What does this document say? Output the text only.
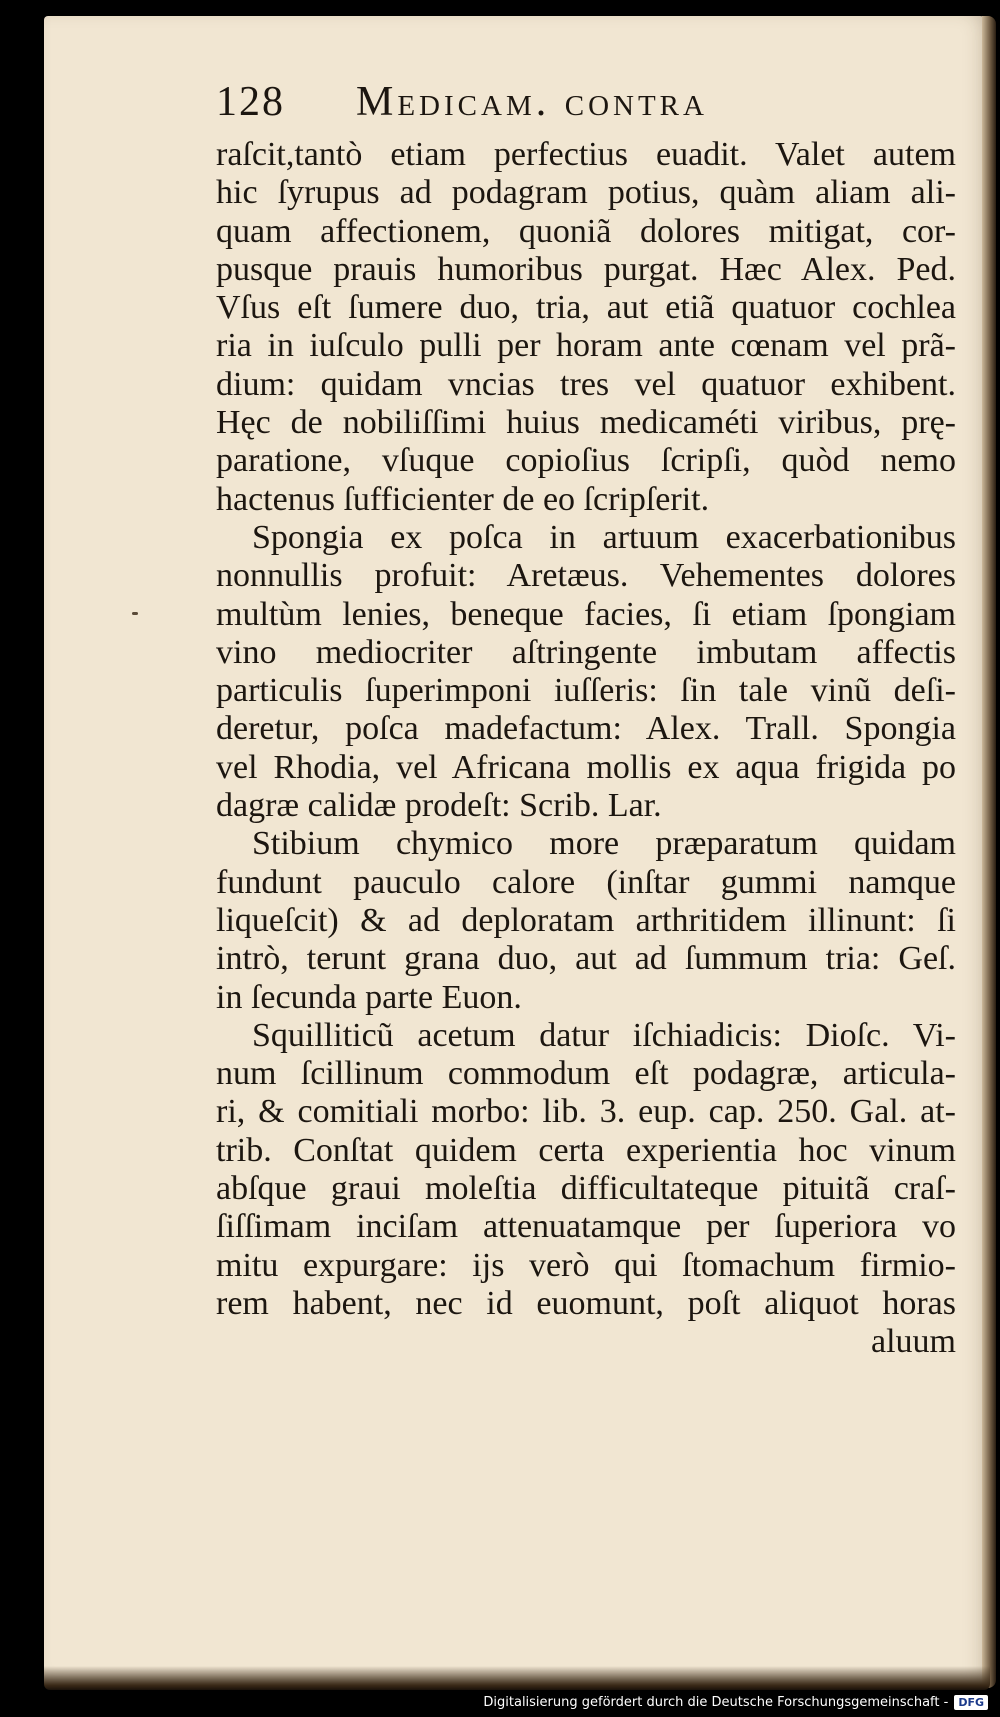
128 Medicam. contra
raſcit,tantò etiam perfectius euadit. Valet autem
hic ſyrupus ad podagram potius, quàm aliam ali-
quam affectionem, quoniã dolores mitigat, cor-
pusque prauis humoribus purgat. Hæc Alex. Ped.
Vſus eſt ſumere duo, tria, aut etiã quatuor cochlea
ria in iuſculo pulli per horam ante cœnam vel prã-
dium: quidam vncias tres vel quatuor exhibent.
Hęc de nobiliſſimi huius medicaméti viribus, prę-
paratione, vſuque copioſius ſcripſi, quòd nemo
hactenus ſufficienter de eo ſcripſerit.
Spongia ex poſca in artuum exacerbationibus
nonnullis profuit: Aretæus. Vehementes dolores
multùm lenies, beneque facies, ſi etiam ſpongiam
vino mediocriter aſtringente imbutam affectis
particulis ſuperimponi iuſſeris: ſin tale vinũ deſi-
deretur, poſca madefactum: Alex. Trall. Spongia
vel Rhodia, vel Africana mollis ex aqua frigida po
dagræ calidæ prodeſt: Scrib. Lar.
Stibium chymico more præparatum quidam
fundunt pauculo calore (inſtar gummi namque
liqueſcit) & ad deploratam arthritidem illinunt: ſi
intrò, terunt grana duo, aut ad ſummum tria: Geſ.
in ſecunda parte Euon.
Squilliticũ acetum datur iſchiadicis: Dioſc. Vi-
num ſcillinum commodum eſt podagræ, articula-
ri, & comitiali morbo: lib. 3. eup. cap. 250. Gal. at-
trib. Conſtat quidem certa experientia hoc vinum
abſque graui moleſtia difficultateque pituitã craſ-
ſiſſimam inciſam attenuatamque per ſuperiora vo
mitu expurgare: ijs verò qui ſtomachum firmio-
rem habent, nec id euomunt, poſt aliquot horas
aluum
Digitalisierung gefördert durch die Deutsche Forschungsgemeinschaft - DFG
